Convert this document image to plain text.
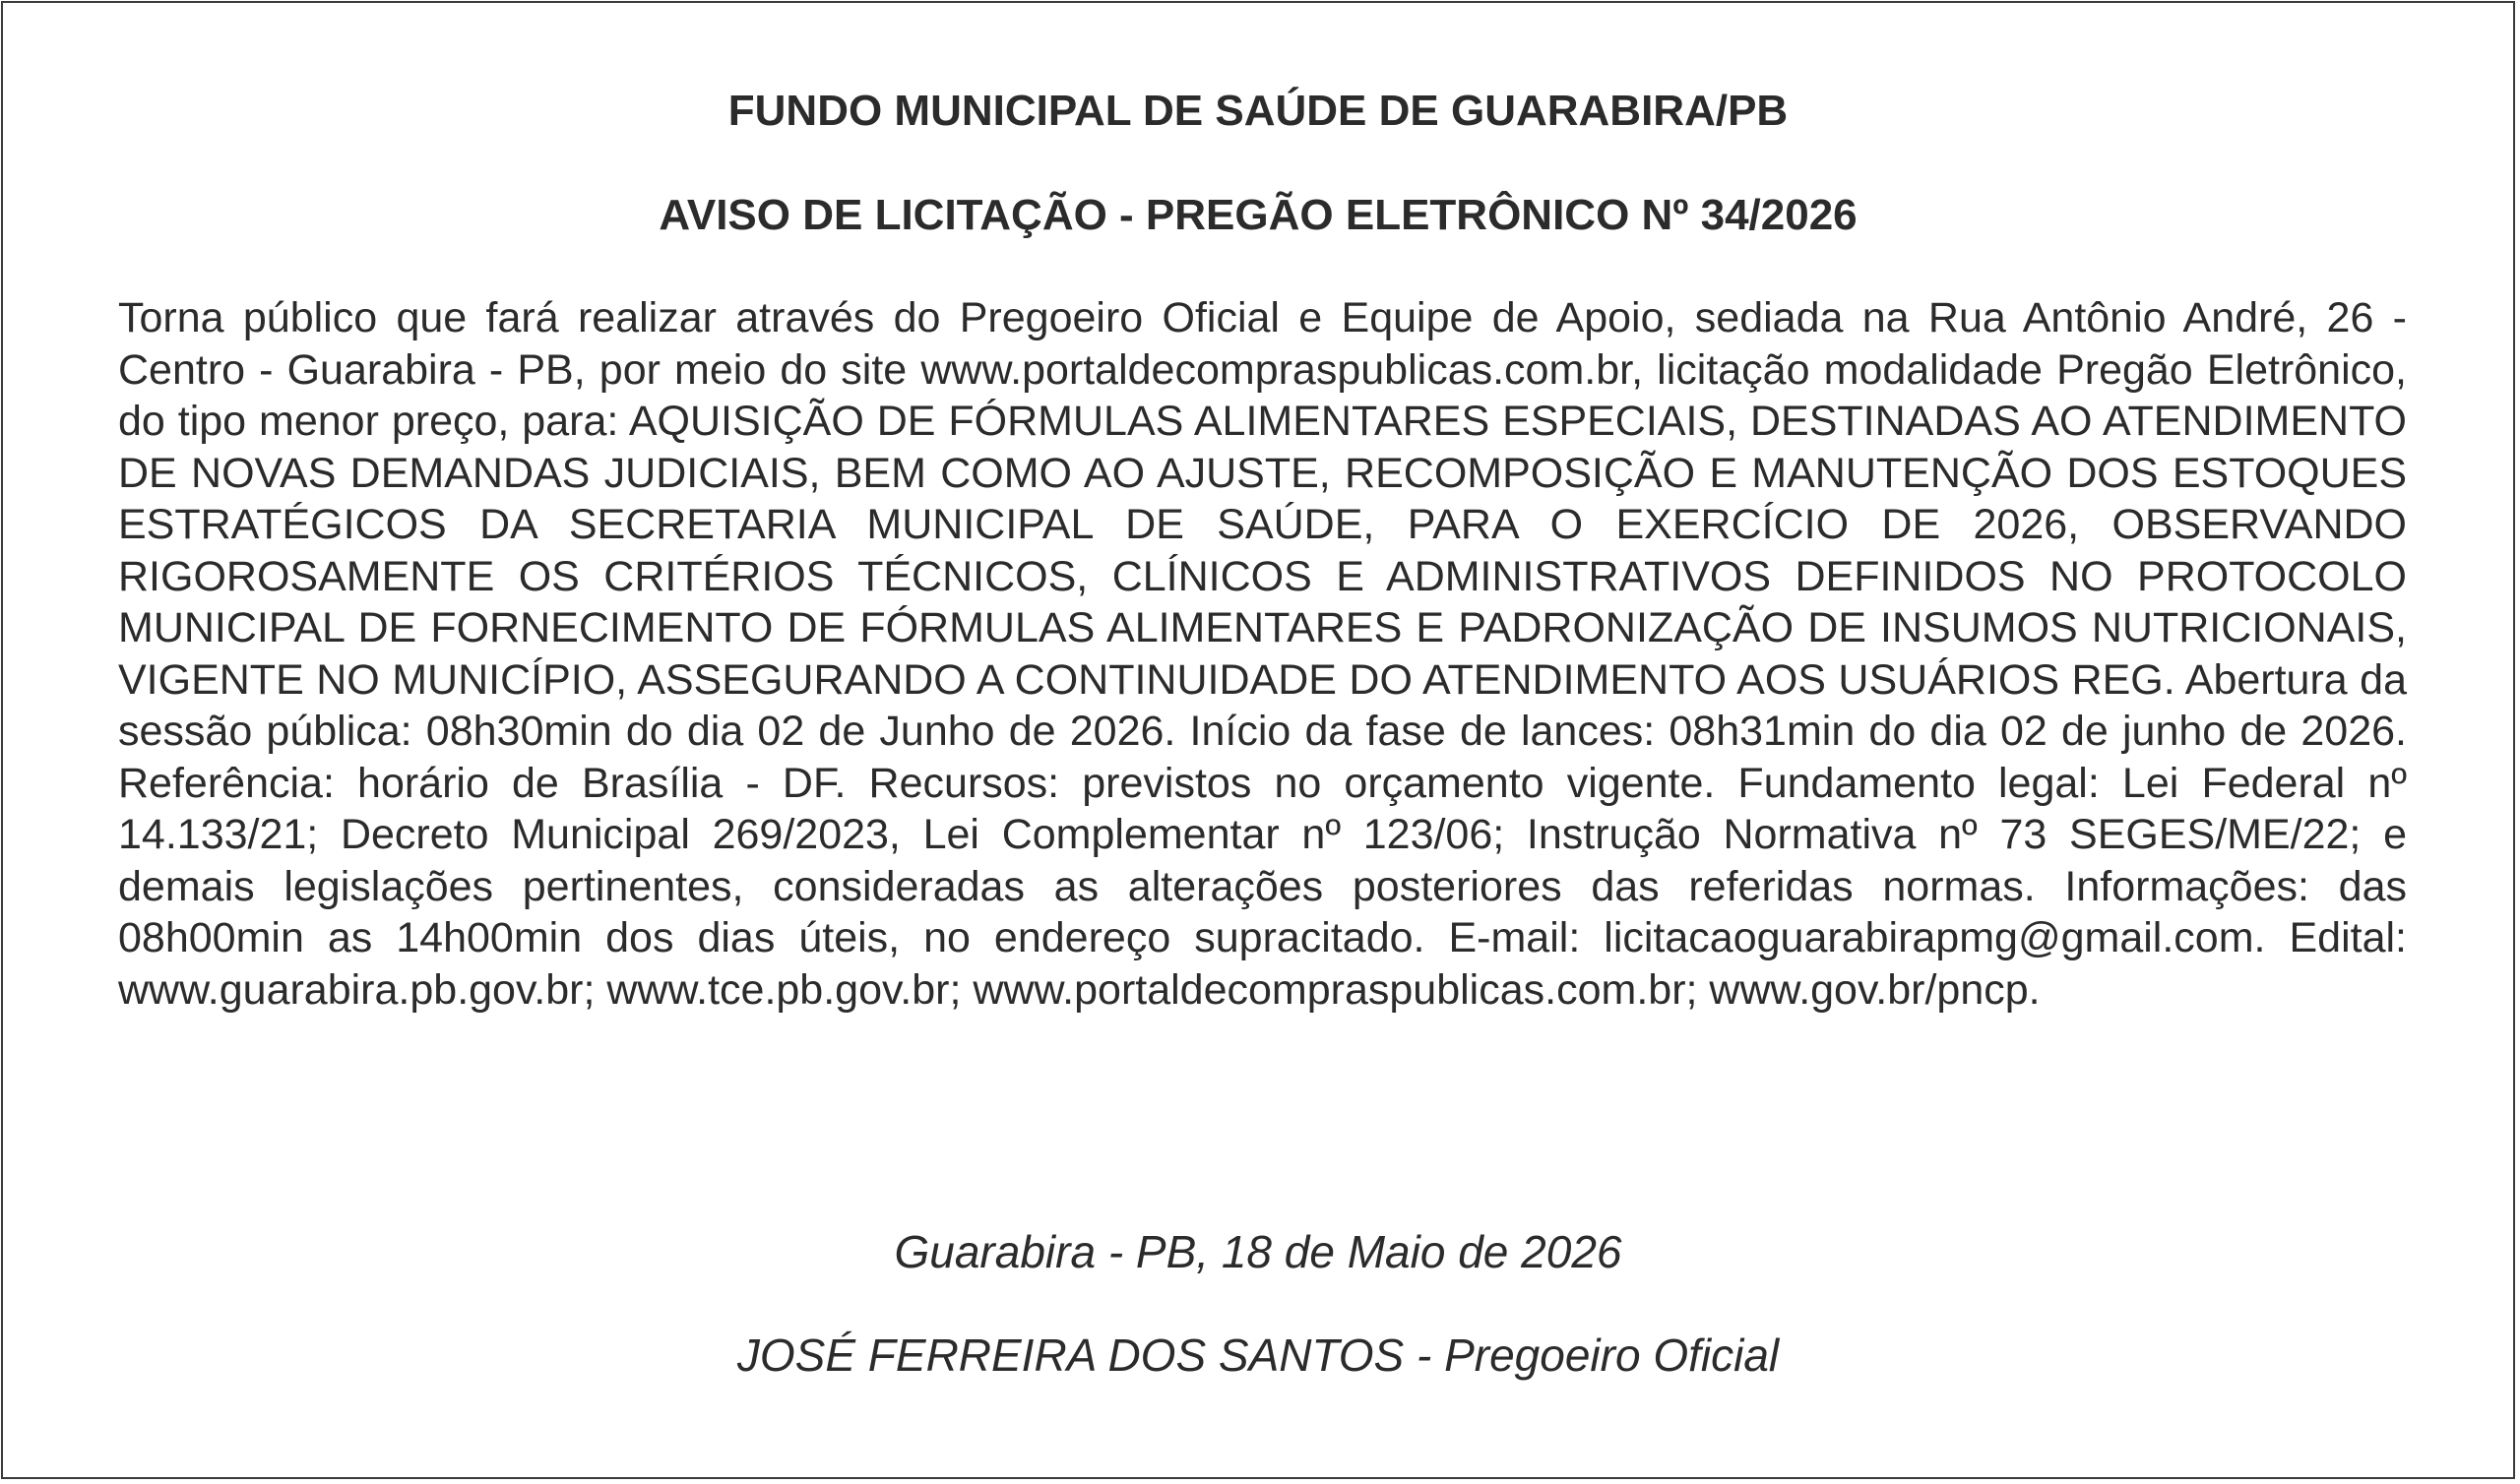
FUNDO MUNICIPAL DE SAÚDE DE GUARABIRA/PB
AVISO DE LICITAÇÃO - PREGÃO ELETRÔNICO Nº 34/2026

Torna público que fará realizar através do Pregoeiro Oficial e Equipe de Apoio, sediada na Rua Antônio André, 26 - Centro - Guarabira - PB, por meio do site www.portaldecompraspublicas.com.br, licitação modalidade Pregão Eletrônico, do tipo menor preço, para: AQUISIÇÃO DE FÓRMULAS ALIMENTARES ESPECIAIS, DESTINADAS AO ATENDIMENTO DE NOVAS DEMANDAS JUDICIAIS, BEM COMO AO AJUSTE, RECOMPOSIÇÃO E MANUTENÇÃO DOS ESTOQUES ESTRATÉGICOS DA SECRETARIA MUNICIPAL DE SAÚDE, PARA O EXERCÍCIO DE 2026, OBSERVANDO RIGOROSAMENTE OS CRITÉRIOS TÉCNICOS, CLÍNICOS E ADMINISTRATIVOS DEFINIDOS NO PROTOCOLO MUNICIPAL DE FORNECIMENTO DE FÓRMULAS ALIMENTARES E PADRONIZAÇÃO DE INSUMOS NUTRICIONAIS, VIGENTE NO MUNICÍPIO, ASSEGURANDO A CONTINUIDADE DO ATENDIMENTO AOS USUÁRIOS REG. Abertura da sessão pública: 08h30min do dia 02 de Junho de 2026. Início da fase de lances: 08h31min do dia 02 de junho de 2026. Referência: horário de Brasília - DF. Recursos: previstos no orçamento vigente. Fundamento legal: Lei Federal nº 14.133/21; Decreto Municipal 269/2023, Lei Complementar nº 123/06; Instrução Normativa nº 73 SEGES/ME/22; e demais legislações pertinentes, consideradas as alterações posteriores das referidas normas. Informações: das 08h00min as 14h00min dos dias úteis, no endereço supracitado. E-mail: licitacaoguarabirapmg@gmail.com. Edital: www.guarabira.pb.gov.br; www.tce.pb.gov.br; www.portaldecompraspublicas.com.br; www.gov.br/pncp.

Guarabira - PB, 18 de Maio de 2026

JOSÉ FERREIRA DOS SANTOS - Pregoeiro Oficial
